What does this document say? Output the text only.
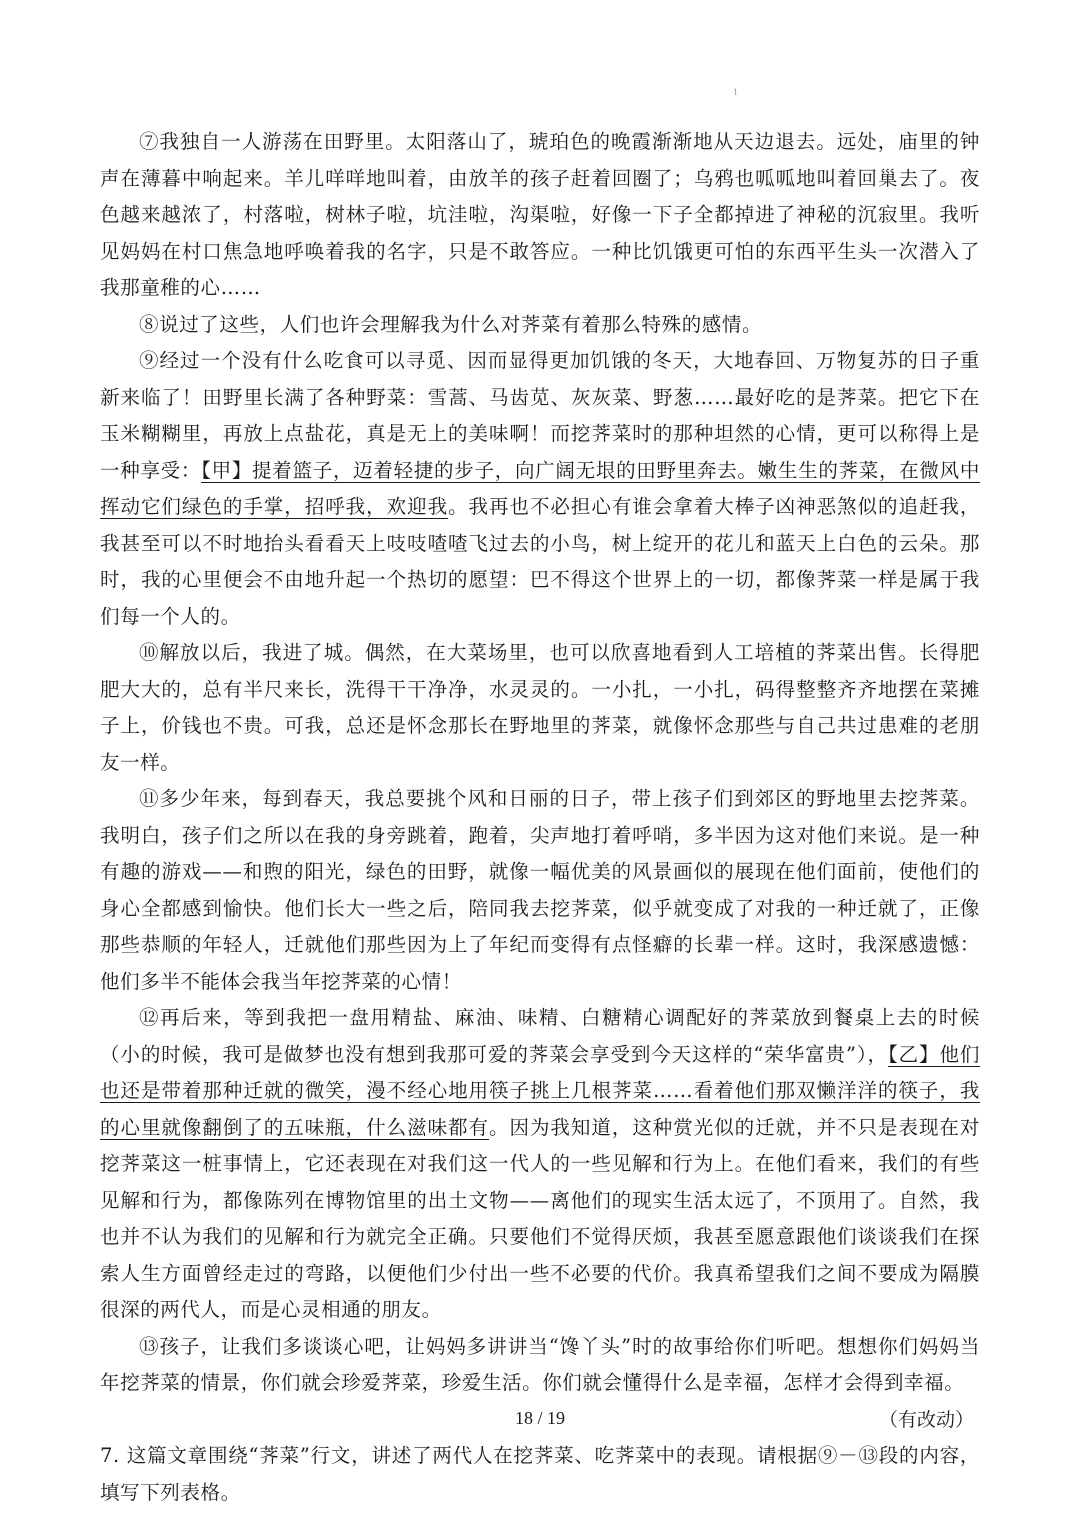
1

⑦我独自一人游荡在田野里。太阳落山了，琥珀色的晚霞渐渐地从天边退去。远处，庙里的钟声在薄暮中响起来。羊儿咩咩地叫着，由放羊的孩子赶着回圈了；乌鸦也呱呱地叫着回巢去了。夜色越来越浓了，村落啦，树林子啦，坑洼啦，沟渠啦，好像一下子全都掉进了神秘的沉寂里。我听见妈妈在村口焦急地呼唤着我的名字，只是不敢答应。一种比饥饿更可怕的东西平生头一次潜入了我那童稚的心……

⑧说过了这些，人们也许会理解我为什么对荠菜有着那么特殊的感情。

⑨经过一个没有什么吃食可以寻觅、因而显得更加饥饿的冬天，大地春回、万物复苏的日子重新来临了！田野里长满了各种野菜：雪蒿、马齿苋、灰灰菜、野葱……最好吃的是荠菜。把它下在玉米糊糊里，再放上点盐花，真是无上的美味啊！而挖荠菜时的那种坦然的心情，更可以称得上是一种享受：【甲】提着篮子，迈着轻捷的步子，向广阔无垠的田野里奔去。嫩生生的荠菜，在微风中挥动它们绿色的手掌，招呼我，欢迎我。我再也不必担心有谁会拿着大棒子凶神恶煞似的追赶我，我甚至可以不时地抬头看看天上吱吱喳喳飞过去的小鸟，树上绽开的花儿和蓝天上白色的云朵。那时，我的心里便会不由地升起一个热切的愿望：巴不得这个世界上的一切，都像荠菜一样是属于我们每一个人的。

⑩解放以后，我进了城。偶然，在大菜场里，也可以欣喜地看到人工培植的荠菜出售。长得肥肥大大的，总有半尺来长，洗得干干净净，水灵灵的。一小扎，一小扎，码得整整齐齐地摆在菜摊子上，价钱也不贵。可我，总还是怀念那长在野地里的荠菜，就像怀念那些与自己共过患难的老朋友一样。

⑪多少年来，每到春天，我总要挑个风和日丽的日子，带上孩子们到郊区的野地里去挖荠菜。我明白，孩子们之所以在我的身旁跳着，跑着，尖声地打着呼哨，多半因为这对他们来说。是一种有趣的游戏——和煦的阳光，绿色的田野，就像一幅优美的风景画似的展现在他们面前，使他们的身心全都感到愉快。他们长大一些之后，陪同我去挖荠菜，似乎就变成了对我的一种迁就了，正像那些恭顺的年轻人，迁就他们那些因为上了年纪而变得有点怪癖的长辈一样。这时，我深感遗憾：他们多半不能体会我当年挖荠菜的心情！

⑫再后来，等到我把一盘用精盐、麻油、味精、白糖精心调配好的荠菜放到餐桌上去的时候（小的时候，我可是做梦也没有想到我那可爱的荠菜会享受到今天这样的“荣华富贵”），【乙】他们也还是带着那种迁就的微笑，漫不经心地用筷子挑上几根荠菜……看着他们那双懒洋洋的筷子，我的心里就像翻倒了的五味瓶，什么滋味都有。因为我知道，这种赏光似的迁就，并不只是表现在对挖荠菜这一桩事情上，它还表现在对我们这一代人的一些见解和行为上。在他们看来，我们的有些见解和行为，都像陈列在博物馆里的出土文物——离他们的现实生活太远了，不顶用了。自然，我也并不认为我们的见解和行为就完全正确。只要他们不觉得厌烦，我甚至愿意跟他们谈谈我们在探索人生方面曾经走过的弯路，以便他们少付出一些不必要的代价。我真希望我们之间不要成为隔膜很深的两代人，而是心灵相通的朋友。

⑬孩子，让我们多谈谈心吧，让妈妈多讲讲当“馋丫头”时的故事给你们听吧。想想你们妈妈当年挖荠菜的情景，你们就会珍爱荠菜，珍爱生活。你们就会懂得什么是幸福，怎样才会得到幸福。

（有改动）

7. 这篇文章围绕“荠菜”行文，讲述了两代人在挖荠菜、吃荠菜中的表现。请根据⑨－⑬段的内容，填写下列表格。

18 / 19
